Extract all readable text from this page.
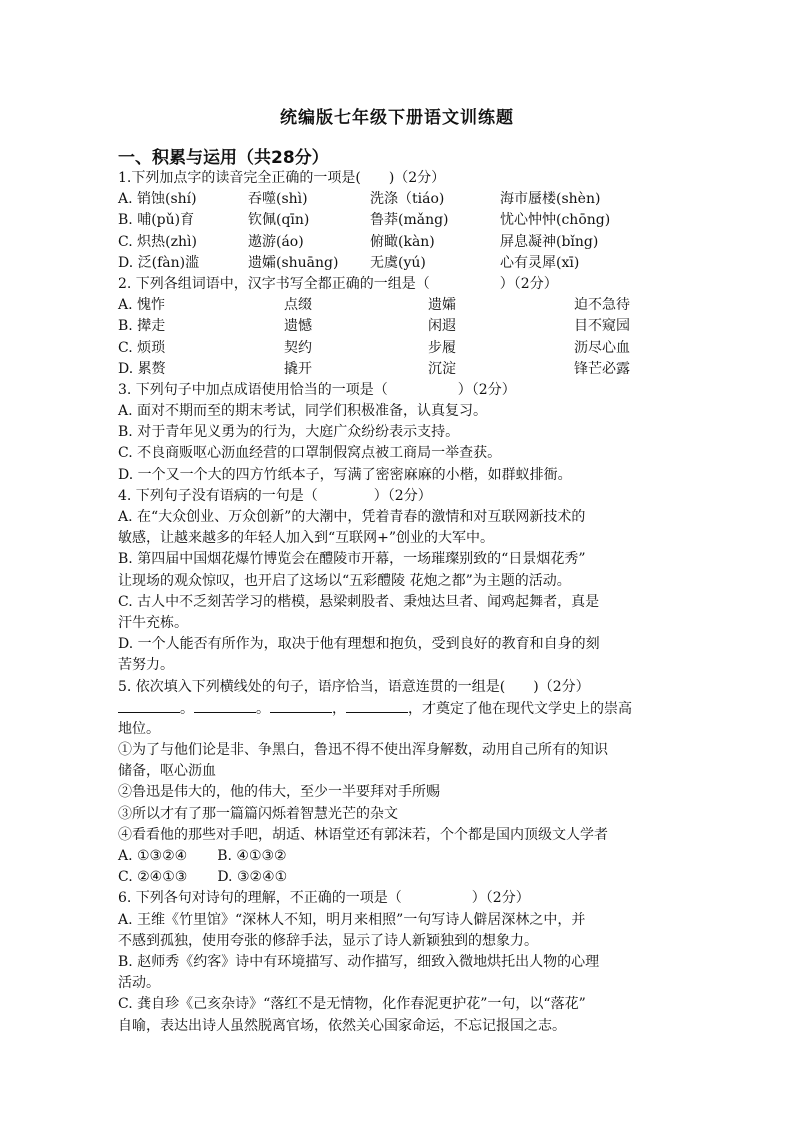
统编版七年级下册语文训练题
一、积累与运用（共28分）
1.下列加点字的读音完全正确的一项是(　　)（2分）
A. 销蚀(shí)	吞噬(shì)	洗涤（tiáo)	海市蜃楼(shèn)
B. 哺(pǔ)育	钦佩(qīn)	鲁莽(mǎng)	忧心忡忡(chōng)
C. 炽热(zhì)	遨游(áo)	俯瞰(kàn)	屏息凝神(bǐng)
D. 泛(fàn)滥	遗孀(shuāng)	无虞(yú)	心有灵犀(xī)
2. 下列各组词语中，汉字书写全都正确的一组是（　　　　　）（2分）
A. 愧怍	点缀	遗孀	迫不急待
B. 撵走	遗憾	闲遐	目不窥园
C. 烦琐	契约	步履	沥尽心血
D. 累赘	撬开	沉淀	锋芒必露
3. 下列句子中加点成语使用恰当的一项是（　　　　　）（2分）
A. 面对不期而至的期末考试，同学们积极准备，认真复习。
B. 对于青年见义勇为的行为，大庭广众纷纷表示支持。
C. 不良商贩呕心沥血经营的口罩制假窝点被工商局一举查获。
D. 一个又一个大的四方竹纸本子，写满了密密麻麻的小楷，如群蚁排衙。
4. 下列句子没有语病的一句是（　　　　）（2分）
A. 在“大众创业、万众创新”的大潮中，凭着青春的激情和对互联网新技术的
敏感，让越来越多的年轻人加入到“互联网+”创业的大军中。
B. 第四届中国烟花爆竹博览会在醴陵市开幕，一场璀璨别致的“日景烟花秀”
让现场的观众惊叹，也开启了这场以“五彩醴陵 花炮之都”为主题的活动。
C. 古人中不乏刻苦学习的楷模，悬梁刺股者、秉烛达旦者、闻鸡起舞者，真是
汗牛充栋。
D. 一个人能否有所作为，取决于他有理想和抱负，受到良好的教育和自身的刻
苦努力。
5. 依次填入下列横线处的句子，语序恰当，语意连贯的一组是(　　)（2分）
。	。	，	，才奠定了他在现代文学史上的崇高
地位。
①为了与他们论是非、争黑白，鲁迅不得不使出浑身解数，动用自己所有的知识
储备，呕心沥血
②鲁迅是伟大的，他的伟大，至少一半要拜对手所赐
③所以才有了那一篇篇闪烁着智慧光芒的杂文
④看看他的那些对手吧，胡适、林语堂还有郭沫若，个个都是国内顶级文人学者
A. ①③②④ B. ④①③②
C. ②④①③ D. ③②④①
6. 下列各句对诗句的理解，不正确的一项是（　　　　　）（2分）
A. 王维《竹里馆》“深林人不知，明月来相照”一句写诗人僻居深林之中，并
不感到孤独，使用夸张的修辞手法，显示了诗人新颖独到的想象力。
B. 赵师秀《约客》诗中有环境描写、动作描写，细致入微地烘托出人物的心理
活动。
C. 龚自珍《己亥杂诗》“落红不是无情物，化作春泥更护花”一句，以“落花”
自喻，表达出诗人虽然脱离官场，依然关心国家命运，不忘记报国之志。
